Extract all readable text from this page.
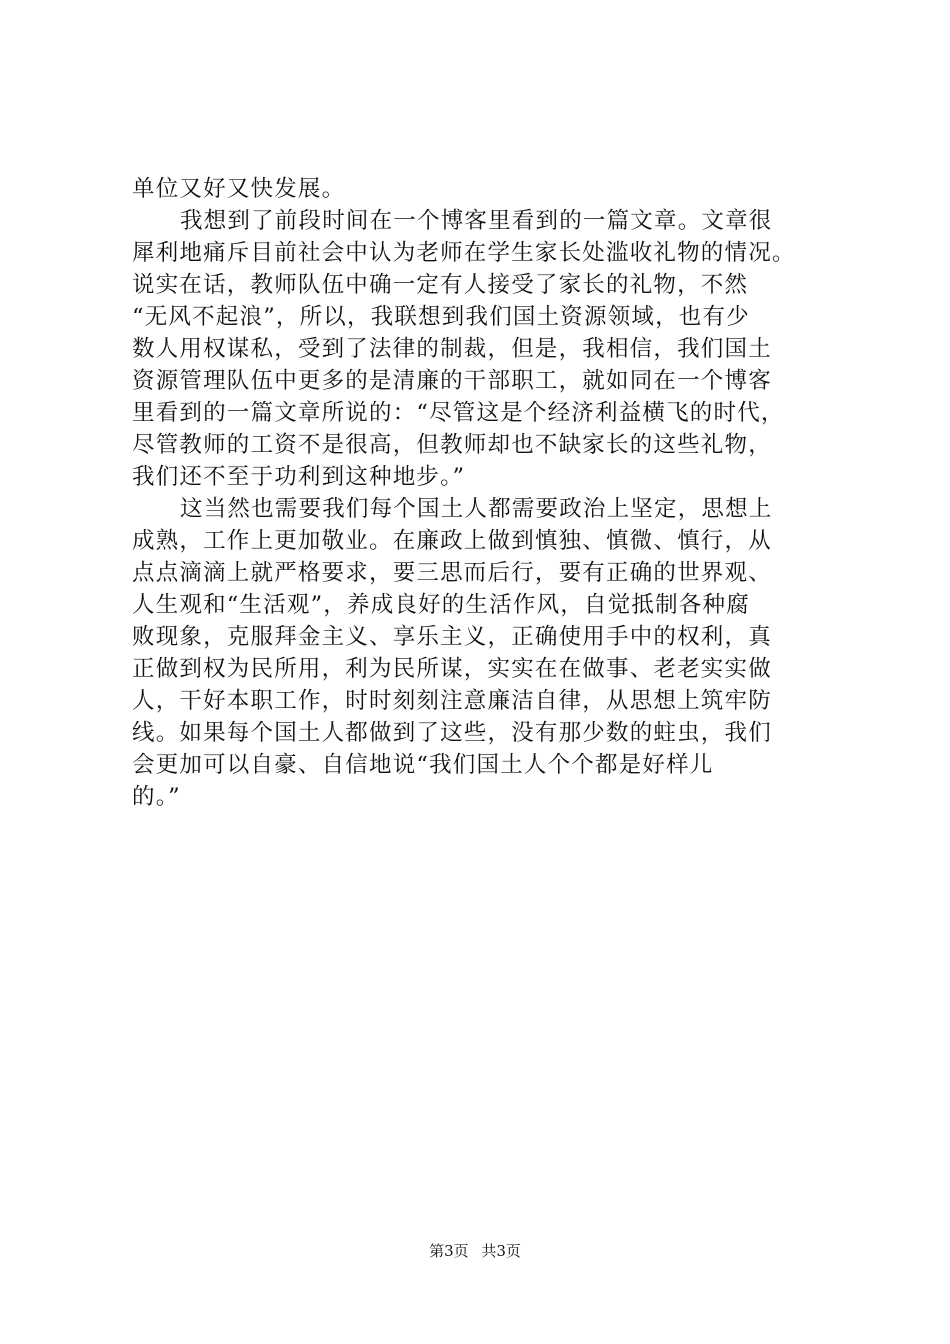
单位又好又快发展。
我想到了前段时间在一个博客里看到的一篇文章。文章很
犀利地痛斥目前社会中认为老师在学生家长处滥收礼物的情况。
说实在话，教师队伍中确一定有人接受了家长的礼物，不然
“无风不起浪”，所以，我联想到我们国土资源领域，也有少
数人用权谋私，受到了法律的制裁，但是，我相信，我们国土
资源管理队伍中更多的是清廉的干部职工，就如同在一个博客
里看到的一篇文章所说的：“尽管这是个经济利益横飞的时代，
尽管教师的工资不是很高，但教师却也不缺家长的这些礼物，
我们还不至于功利到这种地步。”
这当然也需要我们每个国土人都需要政治上坚定，思想上
成熟，工作上更加敬业。在廉政上做到慎独、慎微、慎行，从
点点滴滴上就严格要求，要三思而后行，要有正确的世界观、
人生观和“生活观”，养成良好的生活作风，自觉抵制各种腐
败现象，克服拜金主义、享乐主义，正确使用手中的权利，真
正做到权为民所用，利为民所谋，实实在在做事、老老实实做
人，干好本职工作，时时刻刻注意廉洁自律，从思想上筑牢防
线。如果每个国土人都做到了这些，没有那少数的蛀虫，我们
会更加可以自豪、自信地说“我们国土人个个都是好样儿
的。”
第3页 共3页
